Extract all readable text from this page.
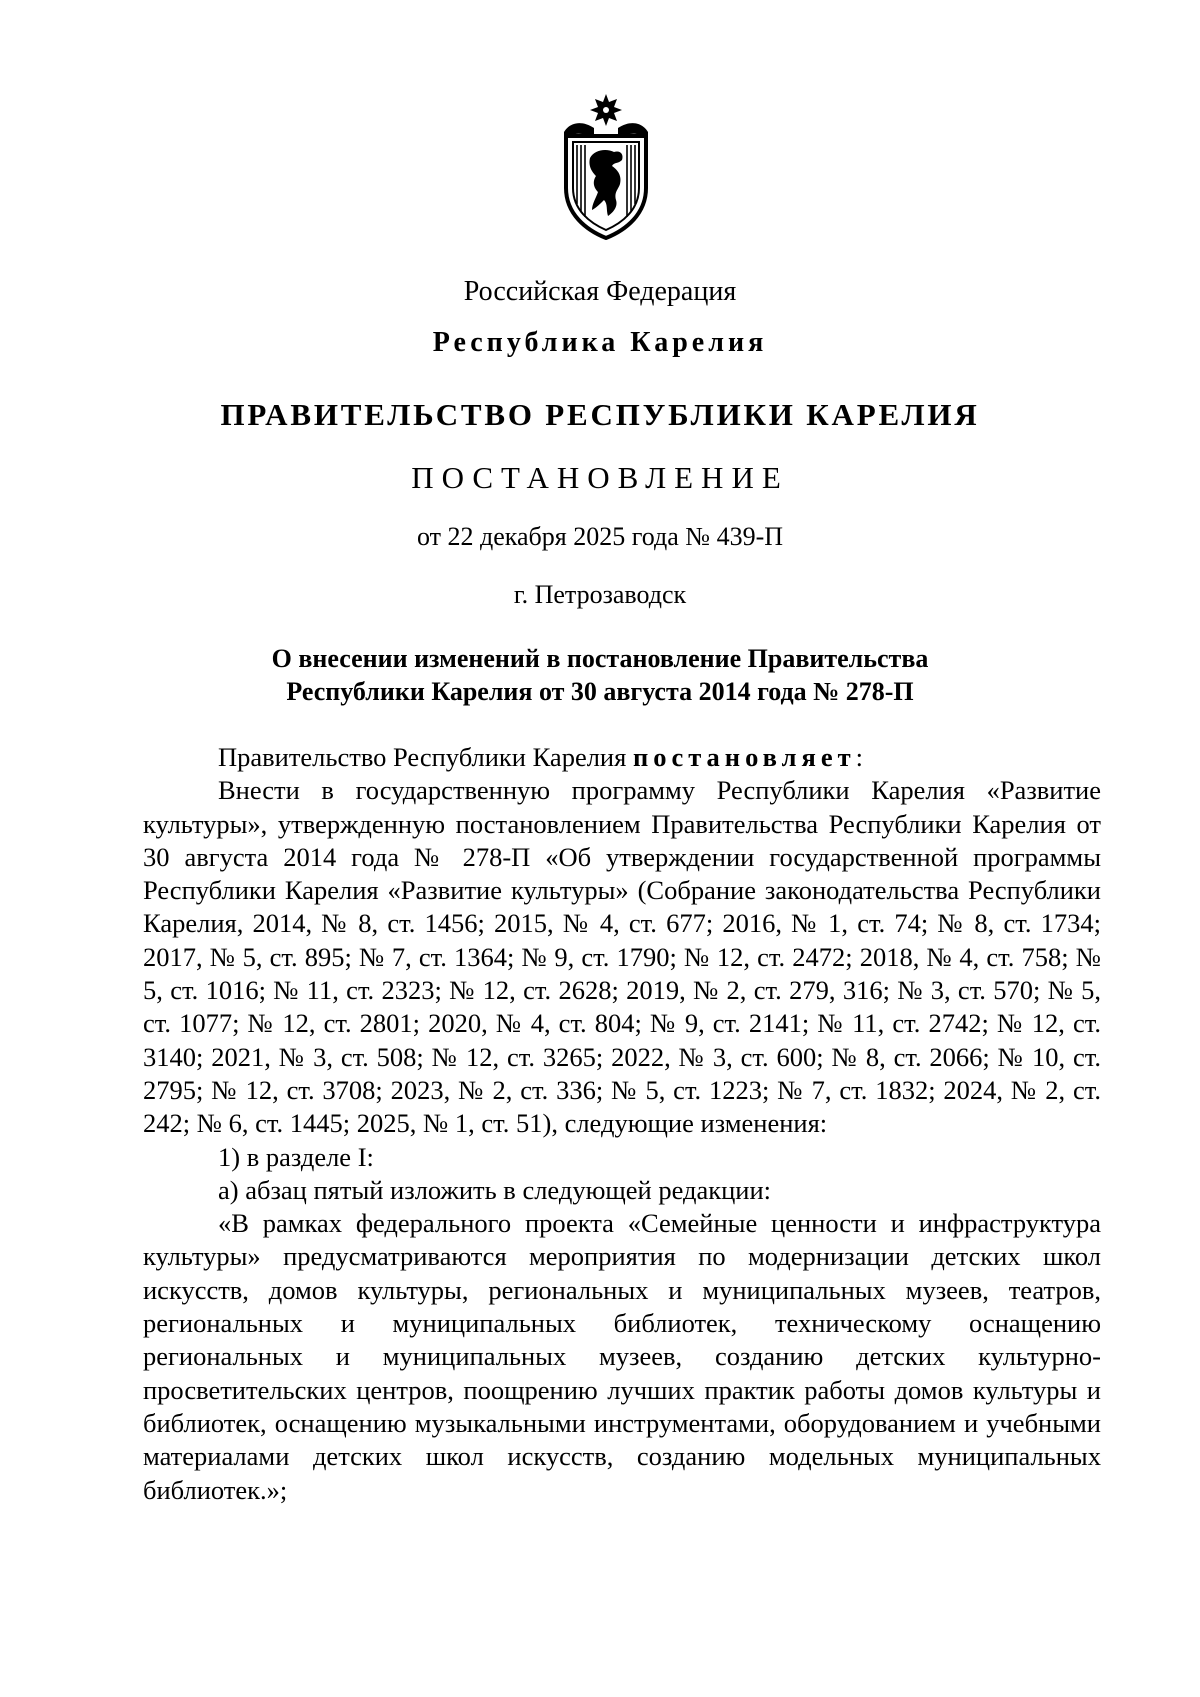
Российская Федерация
Республика Карелия
ПРАВИТЕЛЬСТВО РЕСПУБЛИКИ КАРЕЛИЯ
ПОСТАНОВЛЕНИЕ
от 22 декабря 2025 года № 439-П
г. Петрозаводск
О внесении изменений в постановление Правительства
Республики Карелия от 30 августа 2014 года № 278-П

Правительство Республики Карелия постановляет:

Внести в государственную программу Республики Карелия «Развитие культуры», утвержденную постановлением Правительства Республики Карелия от 30 августа 2014 года № 278-П «Об утверждении государственной программы Республики Карелия «Развитие культуры» (Собрание законодательства Республики Карелия, 2014, № 8, ст. 1456; 2015, № 4, ст. 677; 2016, № 1, ст. 74; № 8, ст. 1734; 2017, № 5, ст. 895; № 7, ст. 1364; № 9, ст. 1790; № 12, ст. 2472; 2018, № 4, ст. 758; № 5, ст. 1016; № 11, ст. 2323; № 12, ст. 2628; 2019, № 2, ст. 279, 316; № 3, ст. 570; № 5, ст. 1077; № 12, ст. 2801; 2020, № 4, ст. 804; № 9, ст. 2141; № 11, ст. 2742; № 12, ст. 3140; 2021, № 3, ст. 508; № 12, ст. 3265; 2022, № 3, ст. 600; № 8, ст. 2066; № 10, ст. 2795; № 12, ст. 3708; 2023, № 2, ст. 336; № 5, ст. 1223; № 7, ст. 1832; 2024, № 2, ст. 242; № 6, ст. 1445; 2025, № 1, ст. 51), следующие изменения:

1) в разделе I:

а) абзац пятый изложить в следующей редакции:

«В рамках федерального проекта «Семейные ценности и инфраструктура культуры» предусматриваются мероприятия по модернизации детских школ искусств, домов культуры, региональных и муниципальных музеев, театров, региональных и муниципальных библиотек, техническому оснащению региональных и муниципальных музеев, созданию детских культурно-просветительских центров, поощрению лучших практик работы домов культуры и библиотек, оснащению музыкальными инструментами, оборудованием и учебными материалами детских школ искусств, созданию модельных муниципальных библиотек.»;
